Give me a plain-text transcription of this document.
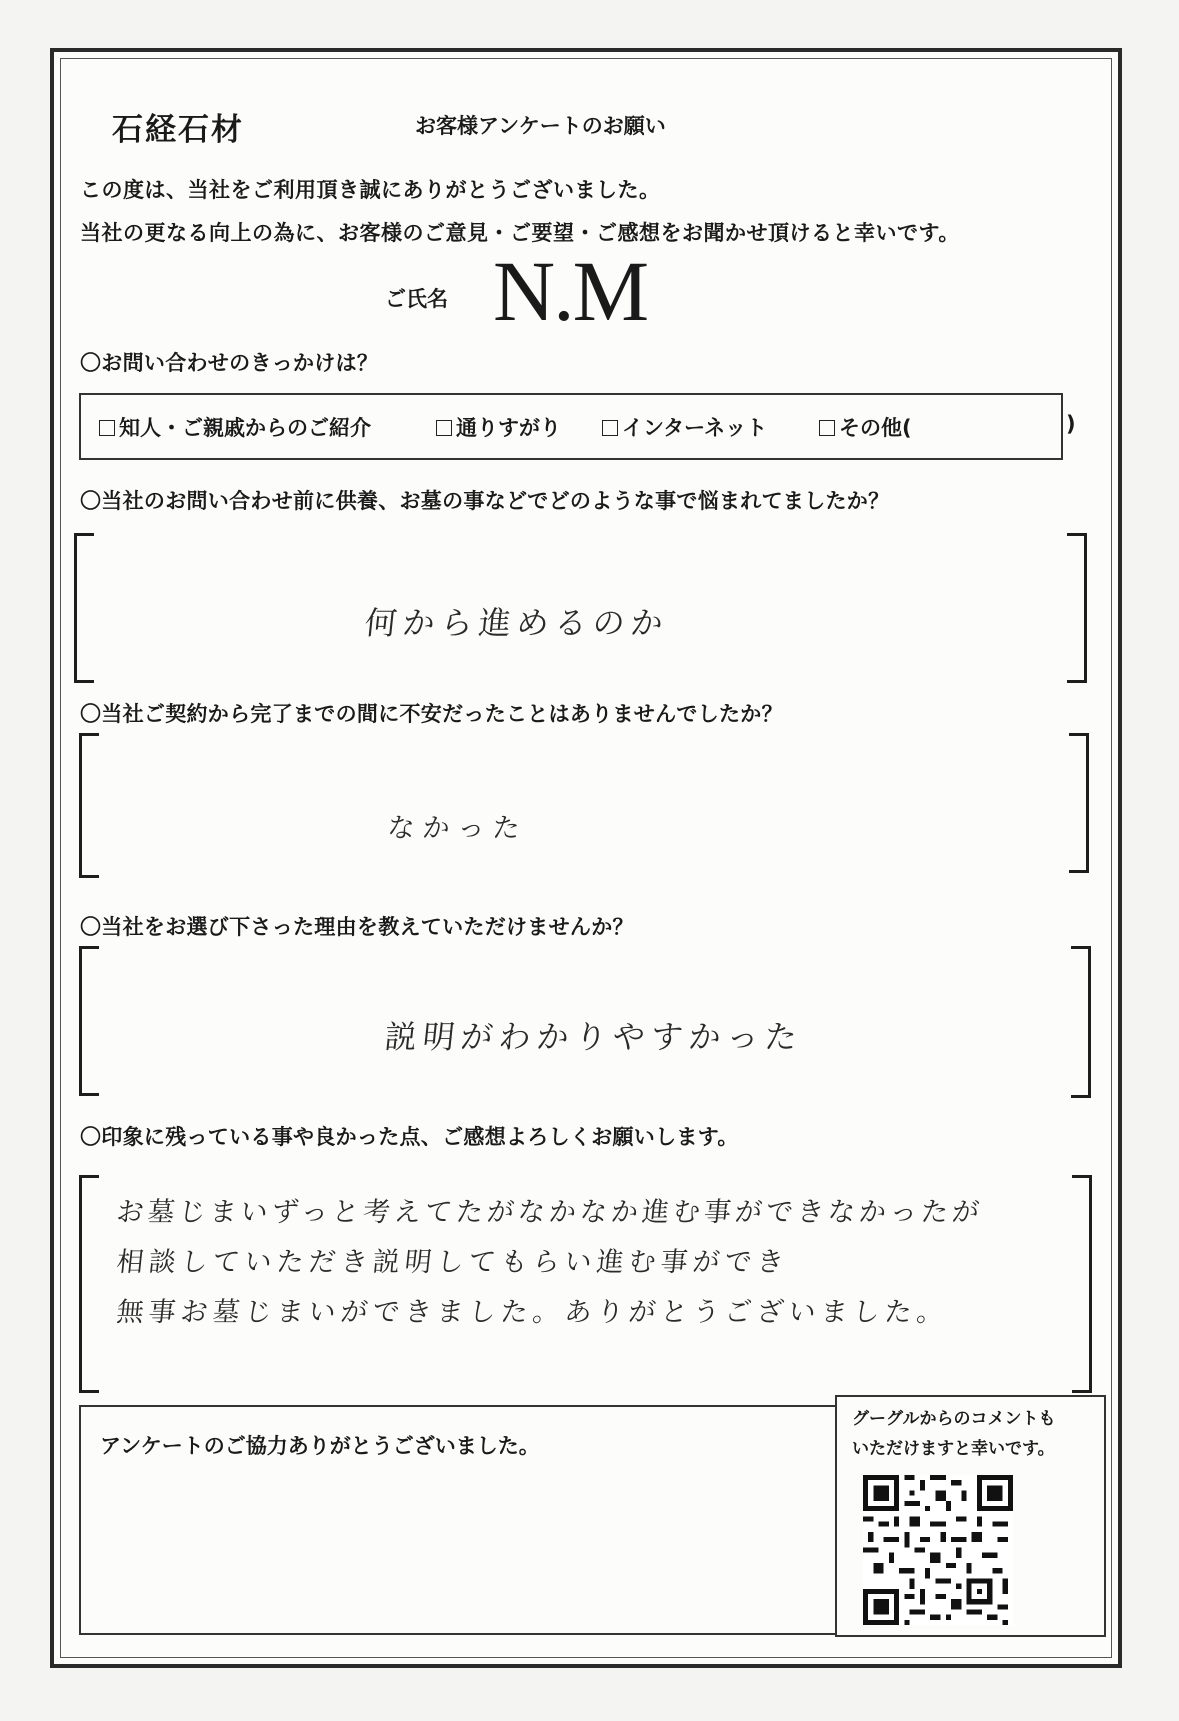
石経石材	お客様アンケートのお願い
この度は、当社をご利用頂き誠にありがとうございました。
当社の更なる向上の為に、お客様のご意見・ご要望・ご感想をお聞かせ頂けると幸いです。
ご氏名 N.M
〇お問い合わせのきっかけは？
知人・ご親戚からのご紹介	通りすがり	インターネット	その他(	)
〇当社のお問い合わせ前に供養、お墓の事などでどのような事で悩まれてましたか？
何から進めるのか
〇当社ご契約から完了までの間に不安だったことはありませんでしたか？
なかった
〇当社をお選び下さった理由を教えていただけませんか？
説明がわかりやすかった
〇印象に残っている事や良かった点、ご感想よろしくお願いします。
お墓じまいずっと考えてたがなかなか進む事ができなかったが
相談していただき説明してもらい進む事ができ
無事お墓じまいができました。ありがとうございました。
アンケートのご協力ありがとうございました。
グーグルからのコメントも
いただけますと幸いです。
